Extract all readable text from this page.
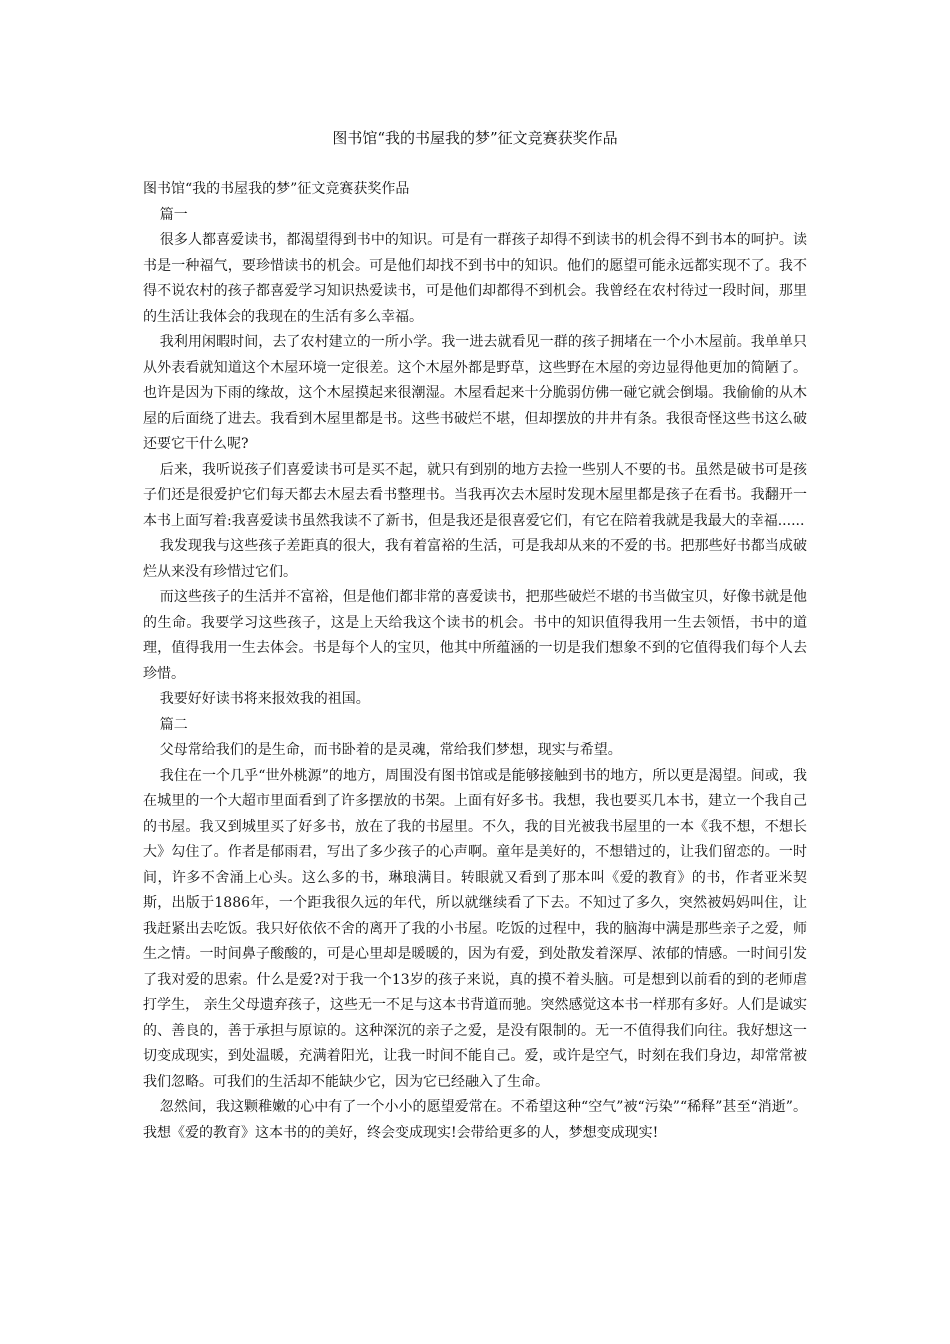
图书馆“我的书屋我的梦”征文竞赛获奖作品

图书馆“我的书屋我的梦”征文竞赛获奖作品

篇一

很多人都喜爱读书，都渴望得到书中的知识。可是有一群孩子却得不到读书的机会得不到书本的呵护。读书是一种福气，要珍惜读书的机会。可是他们却找不到书中的知识。他们的愿望可能永远都实现不了。我不得不说农村的孩子都喜爱学习知识热爱读书，可是他们却都得不到机会。我曾经在农村待过一段时间，那里的生活让我体会的我现在的生活有多么幸福。

我利用闲暇时间，去了农村建立的一所小学。我一进去就看见一群的孩子拥堵在一个小木屋前。我单单只从外表看就知道这个木屋环境一定很差。这个木屋外都是野草，这些野在木屋的旁边显得他更加的简陋了。也许是因为下雨的缘故，这个木屋摸起来很潮湿。木屋看起来十分脆弱仿佛一碰它就会倒塌。我偷偷的从木屋的后面绕了进去。我看到木屋里都是书。这些书破烂不堪，但却摆放的井井有条。我很奇怪这些书这么破还要它干什么呢?

后来，我听说孩子们喜爱读书可是买不起，就只有到别的地方去捡一些别人不要的书。虽然是破书可是孩子们还是很爱护它们每天都去木屋去看书整理书。当我再次去木屋时发现木屋里都是孩子在看书。我翻开一本书上面写着:我喜爱读书虽然我读不了新书，但是我还是很喜爱它们，有它在陪着我就是我最大的幸福......

我发现我与这些孩子差距真的很大，我有着富裕的生活，可是我却从来的不爱的书。把那些好书都当成破烂从来没有珍惜过它们。

而这些孩子的生活并不富裕，但是他们都非常的喜爱读书，把那些破烂不堪的书当做宝贝，好像书就是他的生命。我要学习这些孩子，这是上天给我这个读书的机会。书中的知识值得我用一生去领悟，书中的道理，值得我用一生去体会。书是每个人的宝贝，他其中所蕴涵的一切是我们想象不到的它值得我们每个人去珍惜。

我要好好读书将来报效我的祖国。

篇二

父母常给我们的是生命，而书卧着的是灵魂，常给我们梦想，现实与希望。

我住在一个几乎“世外桃源”的地方，周围没有图书馆或是能够接触到书的地方，所以更是渴望。间或，我在城里的一个大超市里面看到了许多摆放的书架。上面有好多书。我想，我也要买几本书，建立一个我自己的书屋。我又到城里买了好多书，放在了我的书屋里。不久，我的目光被我书屋里的一本《我不想，不想长大》勾住了。作者是郁雨君，写出了多少孩子的心声啊。童年是美好的，不想错过的，让我们留恋的。一时间，许多不舍涌上心头。这么多的书，琳琅满目。转眼就又看到了那本叫《爱的教育》的书，作者亚米契斯，出版于1886年，一个距我很久远的年代，所以就继续看了下去。不知过了多久，突然被妈妈叫住，让我赶紧出去吃饭。我只好依依不舍的离开了我的小书屋。吃饭的过程中，我的脑海中满是那些亲子之爱，师生之情。一时间鼻子酸酸的，可是心里却是暖暖的，因为有爱，到处散发着深厚、浓郁的情感。一时间引发了我对爱的思索。什么是爱?对于我一个13岁的孩子来说，真的摸不着头脑。可是想到以前看的到的老师虐打学生， 亲生父母遗弃孩子，这些无一不足与这本书背道而驰。突然感觉这本书一样那有多好。人们是诚实的、善良的，善于承担与原谅的。这种深沉的亲子之爱，是没有限制的。无一不值得我们向往。我好想这一切变成现实，到处温暖，充满着阳光，让我一时间不能自己。爱，或许是空气，时刻在我们身边，却常常被我们忽略。可我们的生活却不能缺少它，因为它已经融入了生命。

忽然间，我这颗稚嫩的心中有了一个小小的愿望爱常在。不希望这种“空气”被“污染”“稀释”甚至“消逝”。我想《爱的教育》这本书的的美好，终会变成现实!会带给更多的人，梦想变成现实!
